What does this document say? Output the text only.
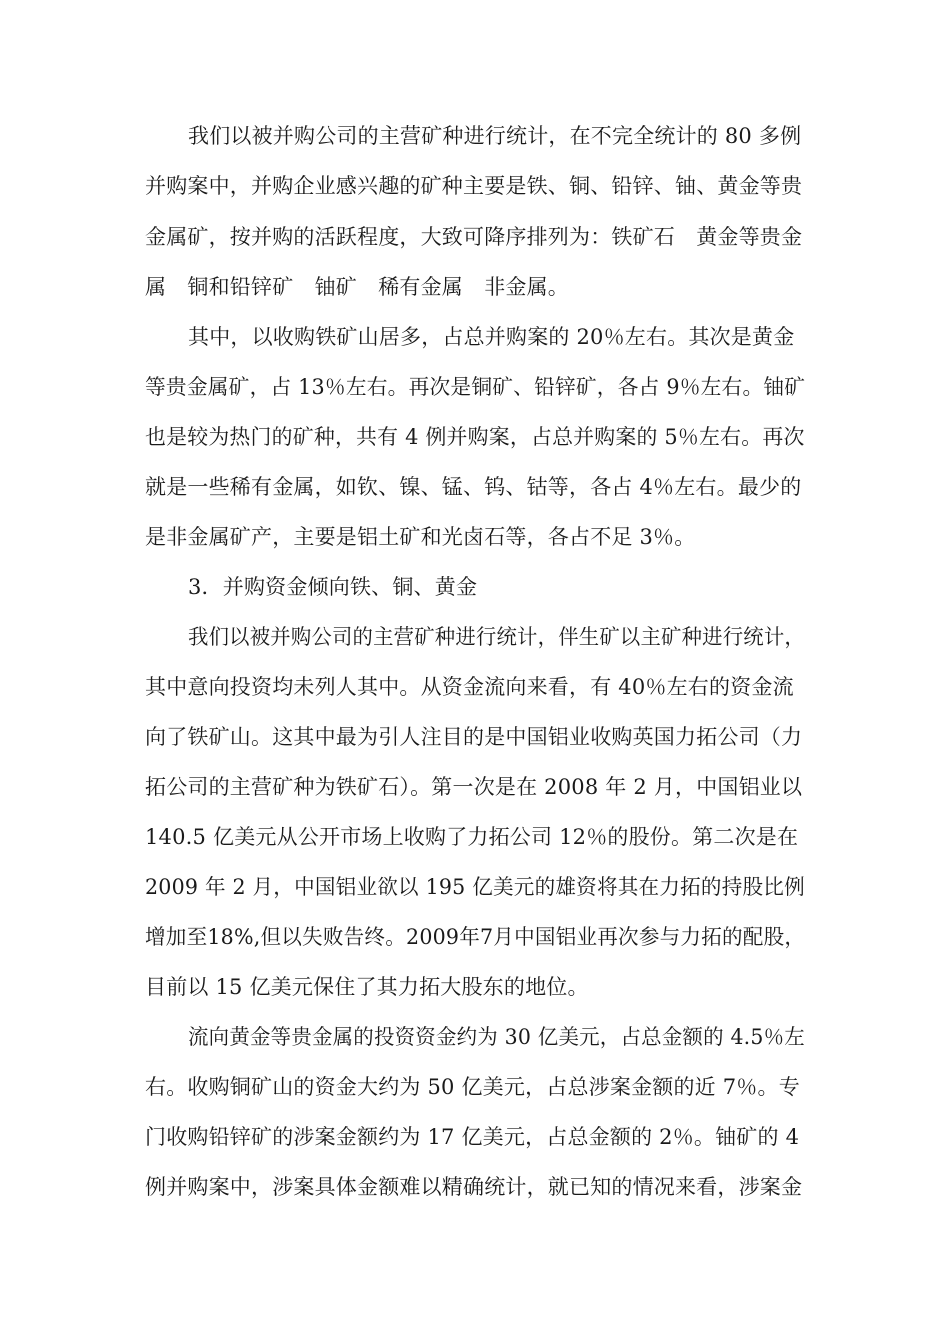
我们以被并购公司的主营矿种进行统计，在不完全统计的 80 多例
并购案中，并购企业感兴趣的矿种主要是铁、铜、铅锌、铀、黄金等贵
金属矿，按并购的活跃程度，大致可降序排列为：铁矿石　黄金等贵金
属　铜和铅锌矿　铀矿　稀有金属　非金属。
其中，以收购铁矿山居多，占总并购案的 20％左右。其次是黄金
等贵金属矿，占 13％左右。再次是铜矿、铅锌矿，各占 9％左右。铀矿
也是较为热门的矿种，共有 4 例并购案，占总并购案的 5％左右。再次
就是一些稀有金属，如钦、镍、锰、钨、钴等，各占 4％左右。最少的
是非金属矿产，主要是铝土矿和光卤石等，各占不足 3％。
3．并购资金倾向铁、铜、黄金
我们以被并购公司的主营矿种进行统计，伴生矿以主矿种进行统计，
其中意向投资均未列人其中。从资金流向来看，有 40％左右的资金流
向了铁矿山。这其中最为引人注目的是中国铝业收购英国力拓公司（力
拓公司的主营矿种为铁矿石）。第一次是在 2008 年 2 月，中国铝业以
140.5 亿美元从公开市场上收购了力拓公司 12％的股份。第二次是在
2009 年 2 月，中国铝业欲以 195 亿美元的雄资将其在力拓的持股比例
增加至18%,但以失败告终。2009年7月中国铝业再次参与力拓的配股，
目前以 15 亿美元保住了其力拓大股东的地位。
流向黄金等贵金属的投资资金约为 30 亿美元，占总金额的 4.5％左
右。收购铜矿山的资金大约为 50 亿美元，占总涉案金额的近 7％。专
门收购铅锌矿的涉案金额约为 17 亿美元，占总金额的 2％。铀矿的 4
例并购案中，涉案具体金额难以精确统计，就已知的情况来看，涉案金
